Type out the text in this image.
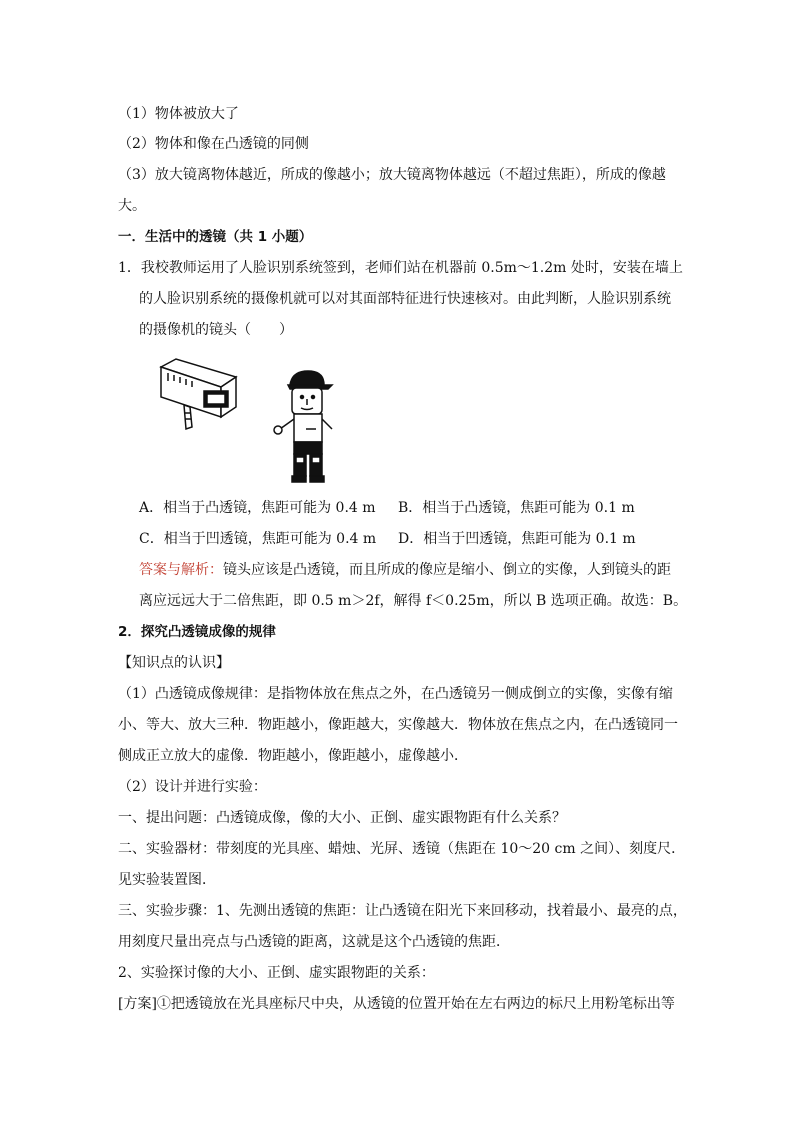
（1）物体被放大了
（2）物体和像在凸透镜的同侧
（3）放大镜离物体越近，所成的像越小；放大镜离物体越远（不超过焦距），所成的像越
大。
一．生活中的透镜（共 1 小题）
1．我校教师运用了人脸识别系统签到，老师们站在机器前 0.5m～1.2m 处时，安装在墙上
的人脸识别系统的摄像机就可以对其面部特征进行快速核对。由此判断，人脸识别系统
的摄像机的镜头（　　）
A．相当于凸透镜，焦距可能为 0.4 m B．相当于凸透镜，焦距可能为 0.1 m
C．相当于凹透镜，焦距可能为 0.4 m D．相当于凹透镜，焦距可能为 0.1 m
答案与解析：镜头应该是凸透镜，而且所成的像应是缩小、倒立的实像，人到镜头的距
离应远远大于二倍焦距，即 0.5 m＞2f，解得 f＜0.25m，所以 B 选项正确。故选：B。
2．探究凸透镜成像的规律
【知识点的认识】
（1）凸透镜成像规律：是指物体放在焦点之外，在凸透镜另一侧成倒立的实像，实像有缩
小、等大、放大三种．物距越小，像距越大，实像越大．物体放在焦点之内，在凸透镜同一
侧成正立放大的虚像．物距越小，像距越小，虚像越小．
（2）设计并进行实验：
一、提出问题：凸透镜成像，像的大小、正倒、虚实跟物距有什么关系？
二、实验器材：带刻度的光具座、蜡烛、光屏、透镜（焦距在 10～20 cm 之间）、刻度尺．
见实验装置图．
三、实验步骤：1、先测出透镜的焦距：让凸透镜在阳光下来回移动，找着最小、最亮的点，
用刻度尺量出亮点与凸透镜的距离，这就是这个凸透镜的焦距．
2、实验探讨像的大小、正倒、虚实跟物距的关系：
[方案]①把透镜放在光具座标尺中央，从透镜的位置开始在左右两边的标尺上用粉笔标出等
